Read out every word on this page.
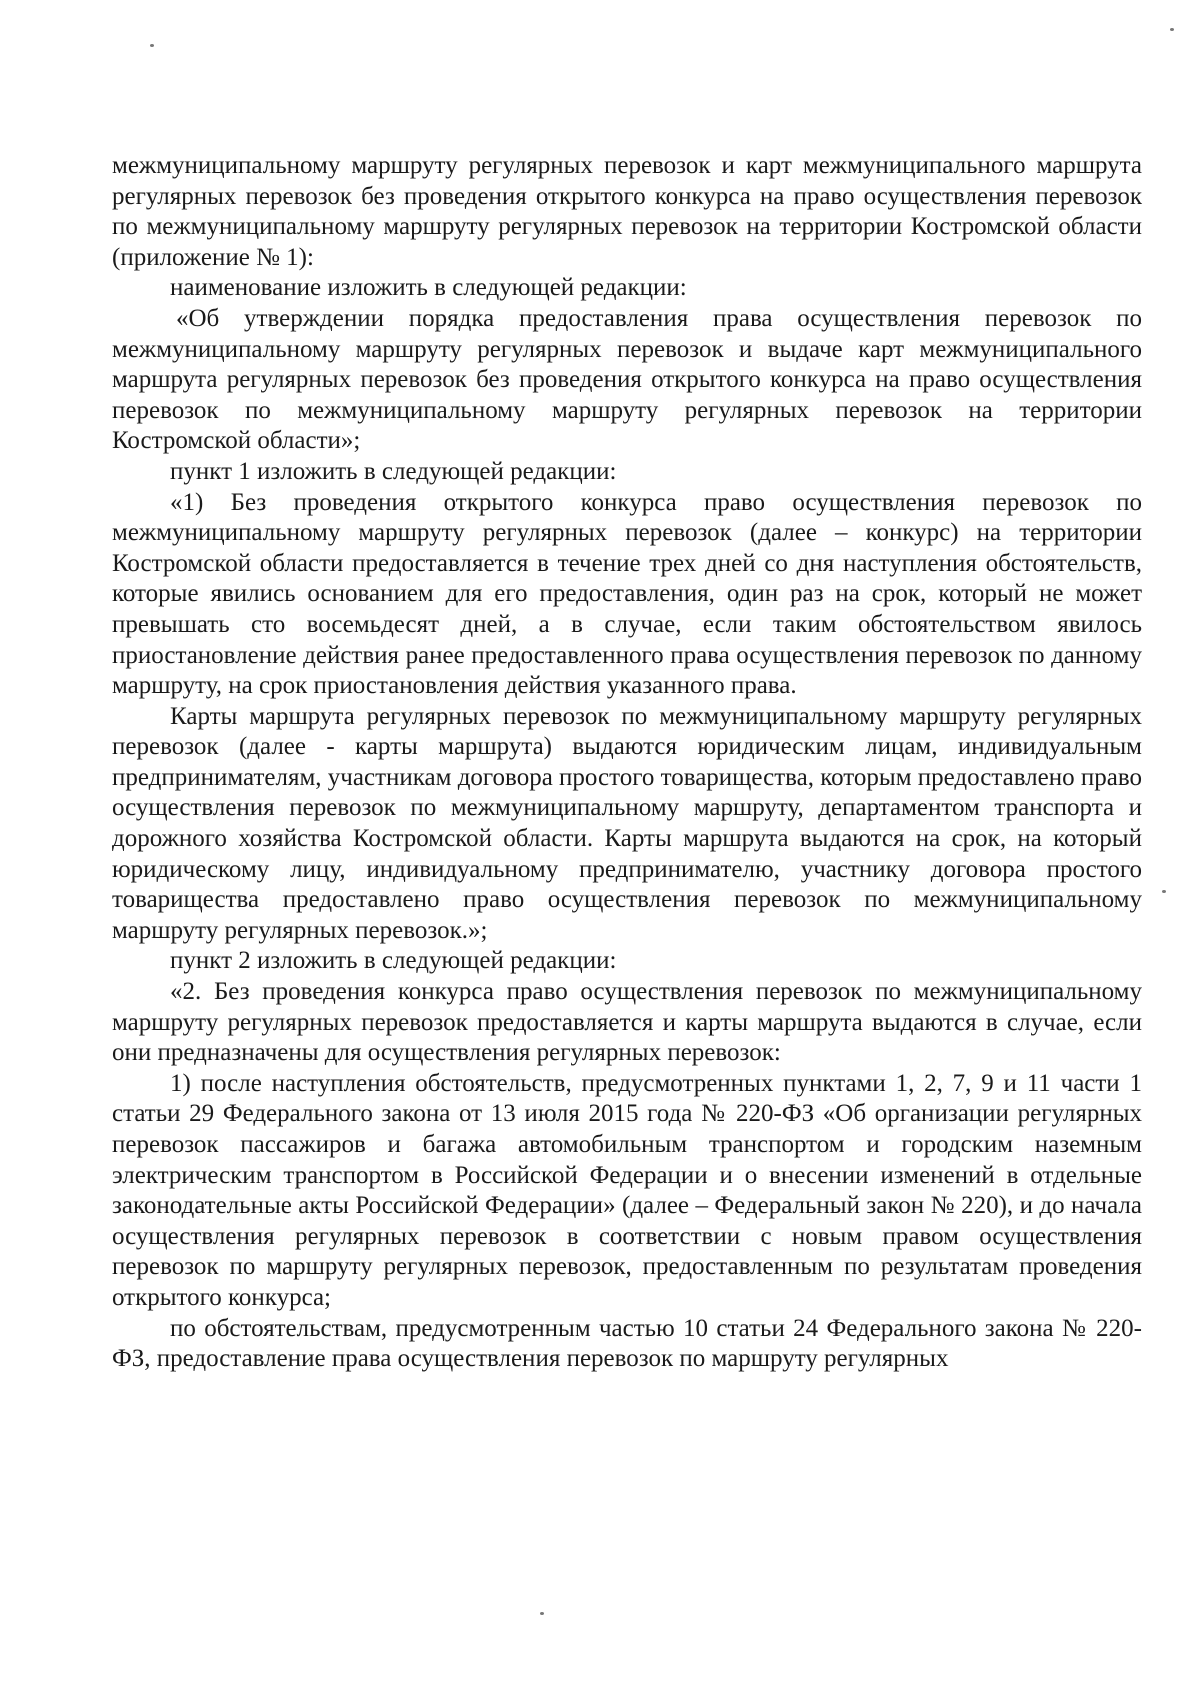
межмуниципальному маршруту регулярных перевозок и карт межмуниципального маршрута регулярных перевозок без проведения открытого конкурса на право осуществления перевозок по межмуниципальному маршруту регулярных перевозок на территории Костромской области (приложение № 1):

наименование изложить в следующей редакции:

«Об утверждении порядка предоставления права осуществления перевозок по межмуниципальному маршруту регулярных перевозок и выдаче карт межмуниципального маршрута регулярных перевозок без проведения открытого конкурса на право осуществления перевозок по межмуниципальному маршруту регулярных перевозок на территории Костромской области»;

пункт 1 изложить в следующей редакции:

«1) Без проведения открытого конкурса право осуществления перевозок по межмуниципальному маршруту регулярных перевозок (далее – конкурс) на территории Костромской области предоставляется в течение трех дней со дня наступления обстоятельств, которые явились основанием для его предоставления, один раз на срок, который не может превышать сто восемьдесят дней, а в случае, если таким обстоятельством явилось приостановление действия ранее предоставленного права осуществления перевозок по данному маршруту, на срок приостановления действия указанного права.

Карты маршрута регулярных перевозок по межмуниципальному маршруту регулярных перевозок (далее - карты маршрута) выдаются юридическим лицам, индивидуальным предпринимателям, участникам договора простого товарищества, которым предоставлено право осуществления перевозок по межмуниципальному маршруту, департаментом транспорта и дорожного хозяйства Костромской области. Карты маршрута выдаются на срок, на который юридическому лицу, индивидуальному предпринимателю, участнику договора простого товарищества предоставлено право осуществления перевозок по межмуниципальному маршруту регулярных перевозок.»;

пункт 2 изложить в следующей редакции:

«2. Без проведения конкурса право осуществления перевозок по межмуниципальному маршруту регулярных перевозок предоставляется и карты маршрута выдаются в случае, если они предназначены для осуществления регулярных перевозок:

1) после наступления обстоятельств, предусмотренных пунктами 1, 2, 7, 9 и 11 части 1 статьи 29 Федерального закона от 13 июля 2015 года № 220-ФЗ «Об организации регулярных перевозок пассажиров и багажа автомобильным транспортом и городским наземным электрическим транспортом в Российской Федерации и о внесении изменений в отдельные законодательные акты Российской Федерации» (далее – Федеральный закон № 220), и до начала осуществления регулярных перевозок в соответствии с новым правом осуществления перевозок по маршруту регулярных перевозок, предоставленным по результатам проведения открытого конкурса;

по обстоятельствам, предусмотренным частью 10 статьи 24 Федерального закона № 220-ФЗ, предоставление права осуществления перевозок по маршруту регулярных
